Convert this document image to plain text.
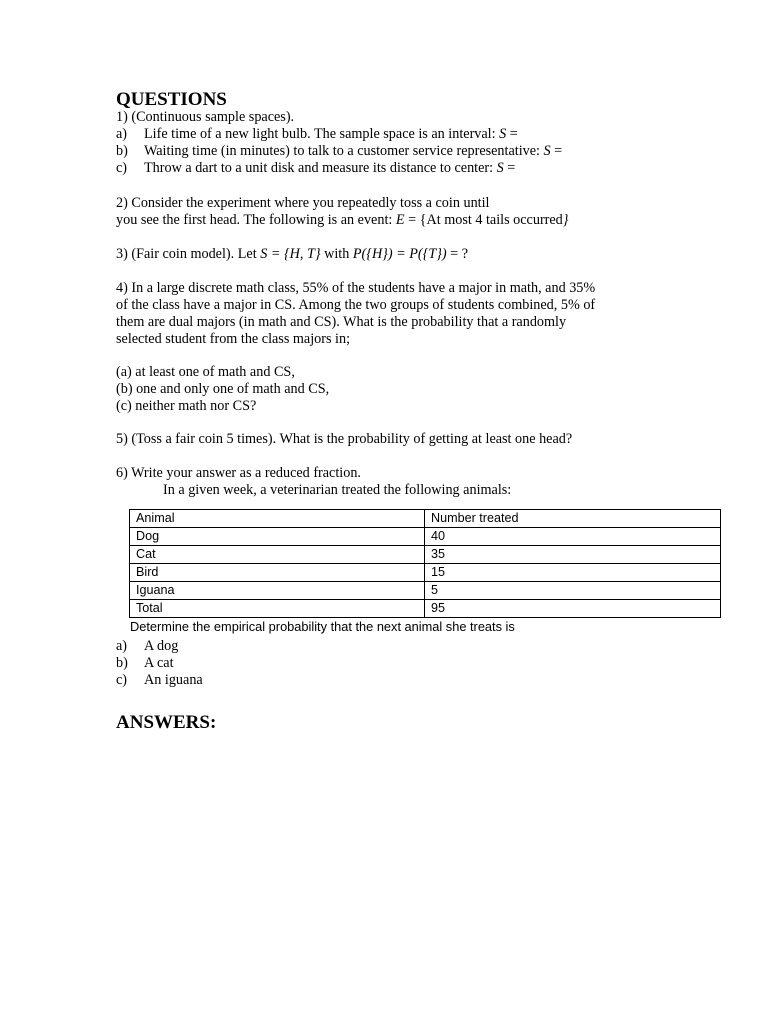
QUESTIONS
1) (Continuous sample spaces).
a) Life time of a new light bulb. The sample space is an interval: S =
b) Waiting time (in minutes) to talk to a customer service representative: S =
c) Throw a dart to a unit disk and measure its distance to center: S =
2) Consider the experiment where you repeatedly toss a coin until
you see the first head. The following is an event: E = {At most 4 tails occurred}
3) (Fair coin model). Let S = {H, T} with P({H}) = P({T}) = ?
4) In a large discrete math class, 55% of the students have a major in math, and 35%
of the class have a major in CS. Among the two groups of students combined, 5% of
them are dual majors (in math and CS). What is the probability that a randomly
selected student from the class majors in;
(a) at least one of math and CS,
(b) one and only one of math and CS,
(c) neither math nor CS?
5) (Toss a fair coin 5 times). What is the probability of getting at least one head?
6) Write your answer as a reduced fraction.
In a given week, a veterinarian treated the following animals:
Animal	Number treated
Dog	40
Cat	35
Bird	15
Iguana	5
Total	95
Determine the empirical probability that the next animal she treats is
a) A dog
b) A cat
c) An iguana
ANSWERS:
